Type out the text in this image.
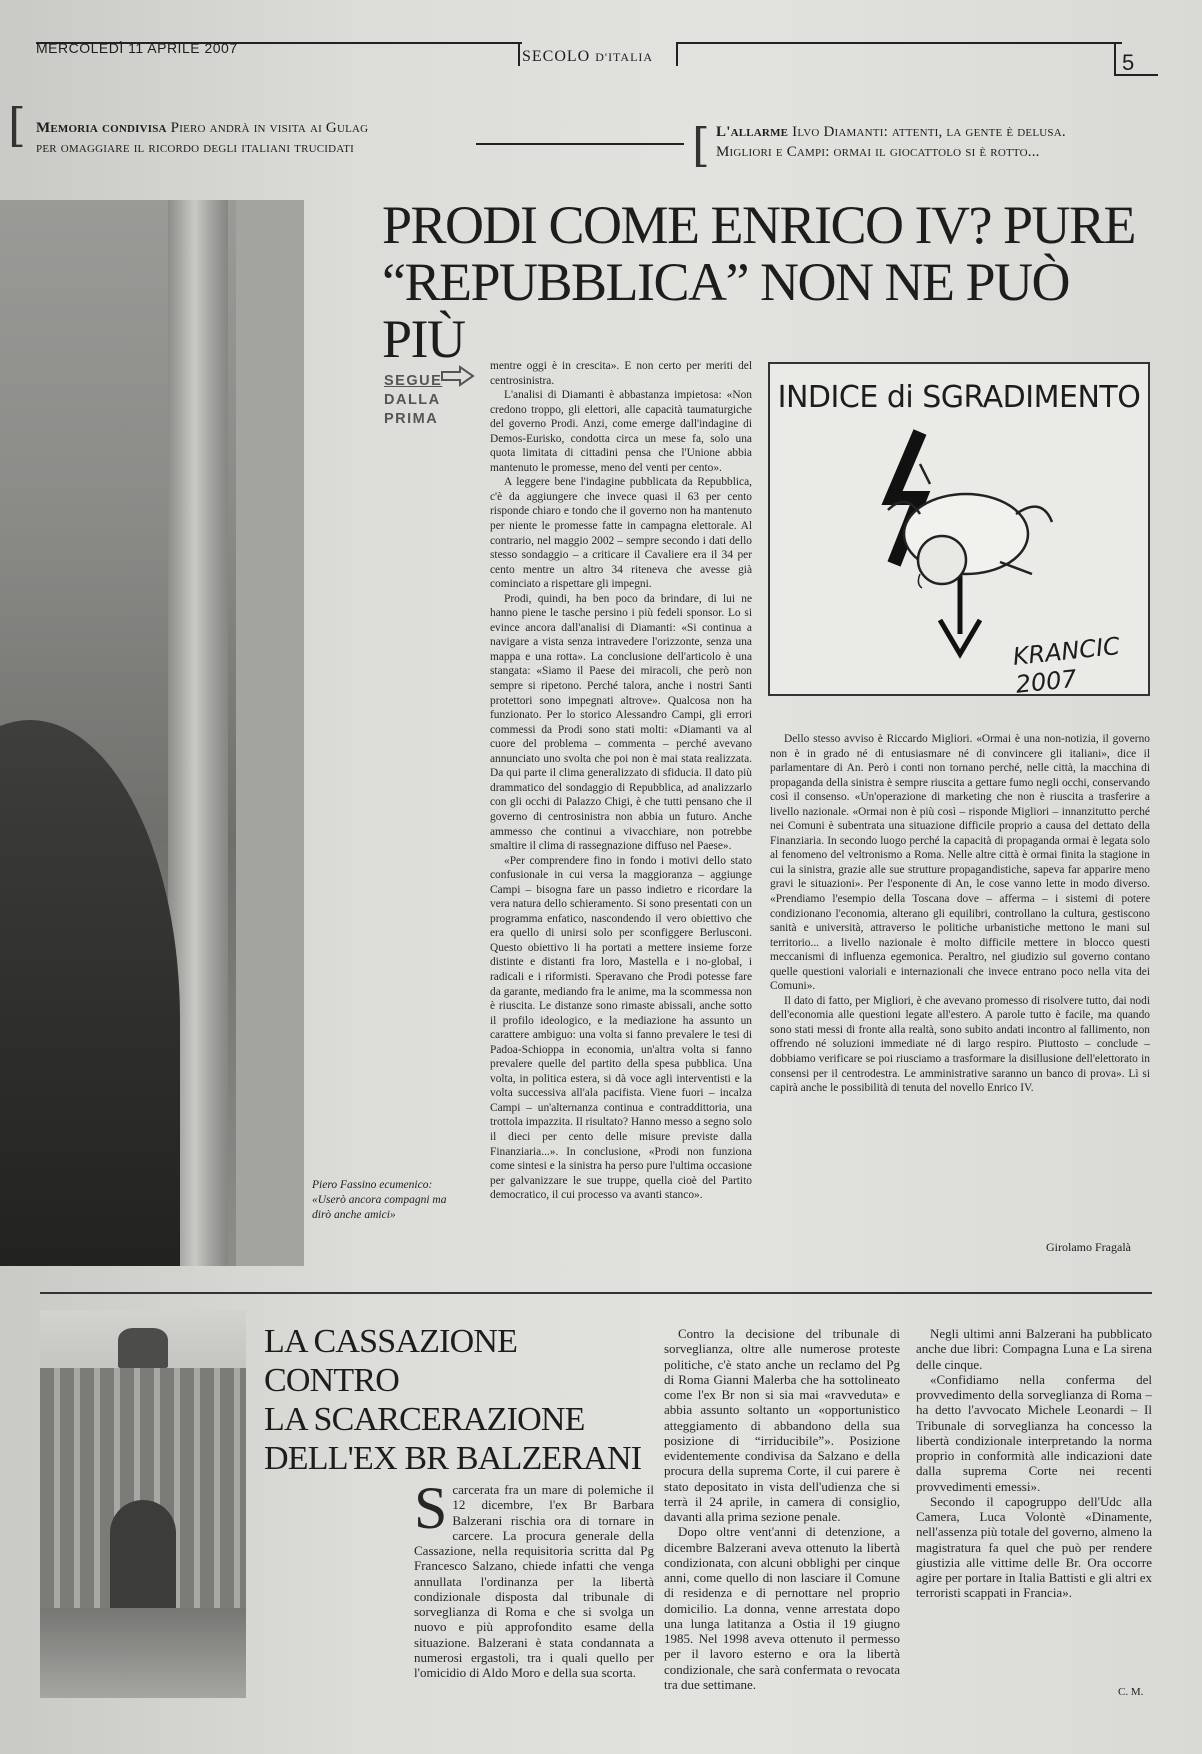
MERCOLEDÌ 11 APRILE 2007	SECOLO D'ITALIA	5
[ Memoria condivisa Piero andrà in visita ai Gulag
per omaggiare il ricordo degli italiani trucidati	[ L'allarme Ilvo Diamanti: attenti, la gente è delusa.
Migliori e Campi: ormai il giocattolo si è rotto...
Piero Fassino ecumenico: «Userò ancora compagni ma dirò anche amici»
PRODI COME ENRICO IV? PURE
“REPUBBLICA” NON NE PUÒ PIÙ
SEGUE
DALLA
PRIMA

mentre oggi è in crescita». E non certo per meriti del centrosinistra.

L'analisi di Diamanti è abbastanza impietosa: «Non credono troppo, gli elettori, alle capacità taumaturgiche del governo Prodi. Anzi, come emerge dall'indagine di Demos-Eurisko, condotta circa un mese fa, solo una quota limitata di cittadini pensa che l'Unione abbia mantenuto le promesse, meno del venti per cento».

A leggere bene l'indagine pubblicata da Repubblica, c'è da aggiungere che invece quasi il 63 per cento risponde chiaro e tondo che il governo non ha mantenuto per niente le promesse fatte in campagna elettorale. Al contrario, nel maggio 2002 – sempre secondo i dati dello stesso sondaggio – a criticare il Cavaliere era il 34 per cento mentre un altro 34 riteneva che avesse già cominciato a rispettare gli impegni.

Prodi, quindi, ha ben poco da brindare, di lui ne hanno piene le tasche persino i più fedeli sponsor. Lo si evince ancora dall'analisi di Diamanti: «Si continua a navigare a vista senza intravedere l'orizzonte, senza una mappa e una rotta». La conclusione dell'articolo è una stangata: «Siamo il Paese dei miracoli, che però non sempre si ripetono. Perché talora, anche i nostri Santi protettori sono impegnati altrove». Qualcosa non ha funzionato. Per lo storico Alessandro Campi, gli errori commessi da Prodi sono stati molti: «Diamanti va al cuore del problema – commenta – perché avevano annunciato uno svolta che poi non è mai stata realizzata. Da qui parte il clima generalizzato di sfiducia. Il dato più drammatico del sondaggio di Repubblica, ad analizzarlo con gli occhi di Palazzo Chigi, è che tutti pensano che il governo di centrosinistra non abbia un futuro. Anche ammesso che continui a vivacchiare, non potrebbe smaltire il clima di rassegnazione diffuso nel Paese».

«Per comprendere fino in fondo i motivi dello stato confusionale in cui versa la maggioranza – aggiunge Campi – bisogna fare un passo indietro e ricordare la vera natura dello schieramento. Si sono presentati con un programma enfatico, nascondendo il vero obiettivo che era quello di unirsi solo per sconfiggere Berlusconi. Questo obiettivo li ha portati a mettere insieme forze distinte e distanti fra loro, Mastella e i no-global, i radicali e i riformisti. Speravano che Prodi potesse fare da garante, mediando fra le anime, ma la scommessa non è riuscita. Le distanze sono rimaste abissali, anche sotto il profilo ideologico, e la mediazione ha assunto un carattere ambiguo: una volta si fanno prevalere le tesi di Padoa-Schioppa in economia, un'altra volta si fanno prevalere quelle del partito della spesa pubblica. Una volta, in politica estera, si dà voce agli interventisti e la volta successiva all'ala pacifista. Viene fuori – incalza Campi – un'alternanza continua e contraddittoria, una trottola impazzita. Il risultato? Hanno messo a segno solo il dieci per cento delle misure previste dalla Finanziaria...». In conclusione, «Prodi non funziona come sintesi e la sinistra ha perso pure l'ultima occasione per galvanizzare le sue truppe, quella cioè del Partito democratico, il cui processo va avanti stanco».

INDICE di SGRADIMENTO
KRANCIC 2007

Dello stesso avviso è Riccardo Migliori. «Ormai è una non-notizia, il governo non è in grado né di entusiasmare né di convincere gli italiani», dice il parlamentare di An. Però i conti non tornano perché, nelle città, la macchina di propaganda della sinistra è sempre riuscita a gettare fumo negli occhi, conservando così il consenso. «Un'operazione di marketing che non è riuscita a trasferire a livello nazionale. «Ormai non è più così – risponde Migliori – innanzitutto perché nei Comuni è subentrata una situazione difficile proprio a causa del dettato della Finanziaria. In secondo luogo perché la capacità di propaganda ormai è legata solo al fenomeno del veltronismo a Roma. Nelle altre città è ormai finita la stagione in cui la sinistra, grazie alle sue strutture propagandistiche, sapeva far apparire meno gravi le situazioni». Per l'esponente di An, le cose vanno lette in modo diverso. «Prendiamo l'esempio della Toscana dove – afferma – i sistemi di potere condizionano l'economia, alterano gli equilibri, controllano la cultura, gestiscono sanità e università, attraverso le politiche urbanistiche mettono le mani sul territorio... a livello nazionale è molto difficile mettere in blocco questi meccanismi di influenza egemonica. Peraltro, nel giudizio sul governo contano quelle questioni valoriali e internazionali che invece entrano poco nella vita dei Comuni».

Il dato di fatto, per Migliori, è che avevano promesso di risolvere tutto, dai nodi dell'economia alle questioni legate all'estero. A parole tutto è facile, ma quando sono stati messi di fronte alla realtà, sono subito andati incontro al fallimento, non offrendo né soluzioni immediate né di largo respiro. Piuttosto – conclude – dobbiamo verificare se poi riusciamo a trasformare la disillusione dell'elettorato in consensi per il centrodestra. Le amministrative saranno un banco di prova». Lì si capirà anche le possibilità di tenuta del novello Enrico IV.

Girolamo Fragalà
LA CASSAZIONE CONTRO
LA SCARCERAZIONE
DELL'EX BR BALZERANI
Scarcerata fra un mare di polemiche il 12 dicembre, l'ex Br Barbara Balzerani rischia ora di tornare in carcere. La procura generale della Cassazione, nella requisitoria scritta dal Pg Francesco Salzano, chiede infatti che venga annullata l'ordinanza per la libertà condizionale disposta dal tribunale di sorveglianza di Roma e che si svolga un nuovo e più approfondito esame della situazione. Balzerani è stata condannata a numerosi ergastoli, tra i quali quello per l'omicidio di Aldo Moro e della sua scorta.

Contro la decisione del tribunale di sorveglianza, oltre alle numerose proteste politiche, c'è stato anche un reclamo del Pg di Roma Gianni Malerba che ha sottolineato come l'ex Br non si sia mai «ravveduta» e abbia assunto soltanto un «opportunistico atteggiamento di abbandono della sua posizione di “irriducibile”». Posizione evidentemente condivisa da Salzano e della procura della suprema Corte, il cui parere è stato depositato in vista dell'udienza che si terrà il 24 aprile, in camera di consiglio, davanti alla prima sezione penale.

Dopo oltre vent'anni di detenzione, a dicembre Balzerani aveva ottenuto la libertà condizionata, con alcuni obblighi per cinque anni, come quello di non lasciare il Comune di residenza e di pernottare nel proprio domicilio. La donna, venne arrestata dopo una lunga latitanza a Ostia il 19 giugno 1985. Nel 1998 aveva ottenuto il permesso per il lavoro esterno e ora la libertà condizionale, che sarà confermata o revocata tra due settimane.

Negli ultimi anni Balzerani ha pubblicato anche due libri: Compagna Luna e La sirena delle cinque.

«Confidiamo nella conferma del provvedimento della sorveglianza di Roma – ha detto l'avvocato Michele Leonardi – Il Tribunale di sorveglianza ha concesso la libertà condizionale interpretando la norma proprio in conformità alle indicazioni date dalla suprema Corte nei recenti provvedimenti emessi».

Secondo il capogruppo dell'Udc alla Camera, Luca Volontè «Dinamente, nell'assenza più totale del governo, almeno la magistratura fa quel che può per rendere giustizia alle vittime delle Br. Ora occorre agire per portare in Italia Battisti e gli altri ex terroristi scappati in Francia».

C. M.
